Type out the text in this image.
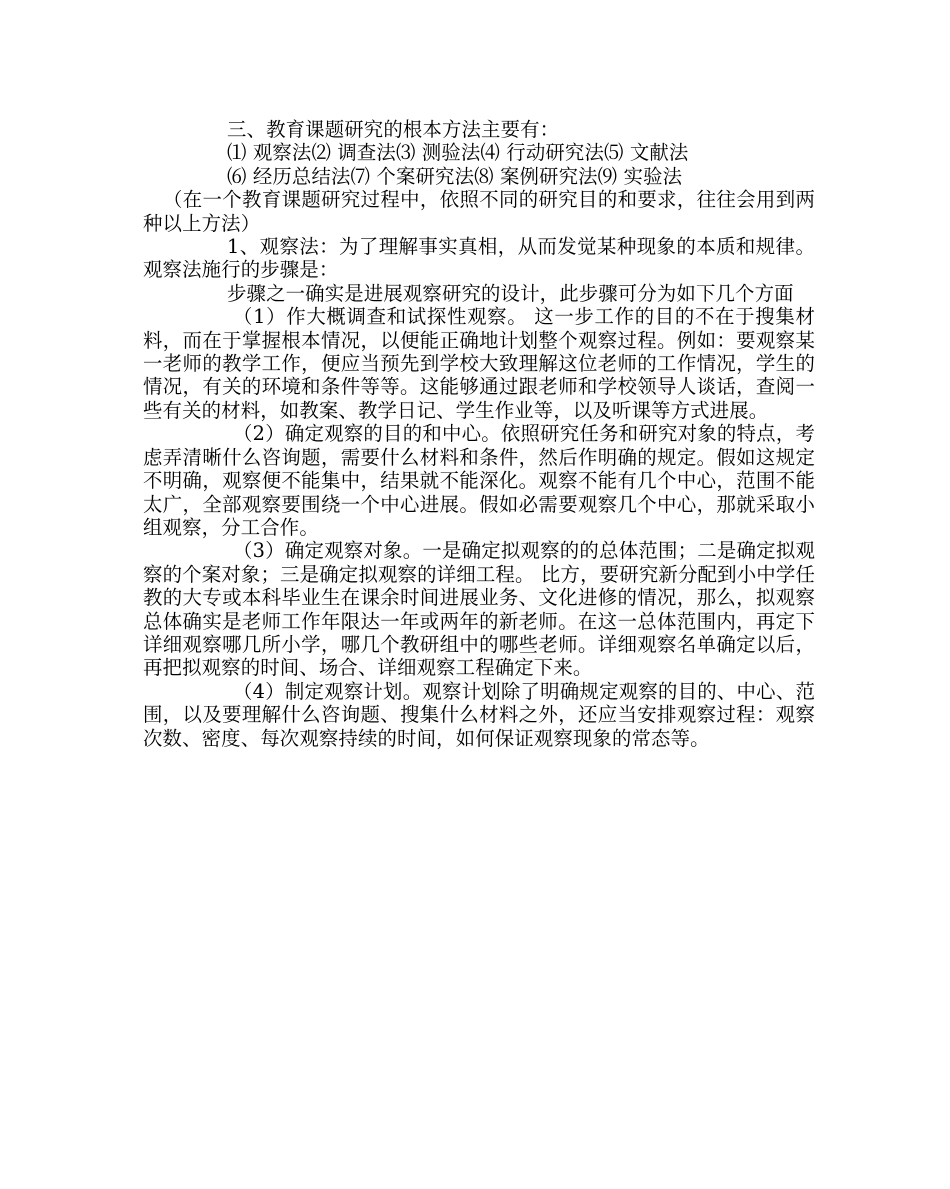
三、教育课题研究的根本方法主要有：

⑴ 观察法⑵ 调查法⑶ 测验法⑷ 行动研究法⑸ 文献法

⑹ 经历总结法⑺ 个案研究法⑻ 案例研究法⑼ 实验法

（在一个教育课题研究过程中，依照不同的研究目的和要求，往往会用到两种以上方法）

1、观察法：为了理解事实真相，从而发觉某种现象的本质和规律。观察法施行的步骤是：

步骤之一确实是进展观察研究的设计，此步骤可分为如下几个方面

（1）作大概调查和试探性观察。 这一步工作的目的不在于搜集材料，而在于掌握根本情况，以便能正确地计划整个观察过程。例如：要观察某一老师的教学工作，便应当预先到学校大致理解这位老师的工作情况，学生的情况，有关的环境和条件等等。这能够通过跟老师和学校领导人谈话，查阅一些有关的材料，如教案、教学日记、学生作业等，以及听课等方式进展。

（2）确定观察的目的和中心。依照研究任务和研究对象的特点，考虑弄清晰什么咨询题，需要什么材料和条件，然后作明确的规定。假如这规定不明确，观察便不能集中，结果就不能深化。观察不能有几个中心，范围不能太广，全部观察要围绕一个中心进展。假如必需要观察几个中心，那就采取小组观察，分工合作。

（3）确定观察对象。一是确定拟观察的的总体范围；二是确定拟观察的个案对象；三是确定拟观察的详细工程。 比方，要研究新分配到小中学任教的大专或本科毕业生在课余时间进展业务、文化进修的情况，那么，拟观察总体确实是老师工作年限达一年或两年的新老师。在这一总体范围内，再定下详细观察哪几所小学，哪几个教研组中的哪些老师。详细观察名单确定以后，再把拟观察的时间、场合、详细观察工程确定下来。

（4）制定观察计划。观察计划除了明确规定观察的目的、中心、范围，以及要理解什么咨询题、搜集什么材料之外，还应当安排观察过程：观察次数、密度、每次观察持续的时间，如何保证观察现象的常态等。
